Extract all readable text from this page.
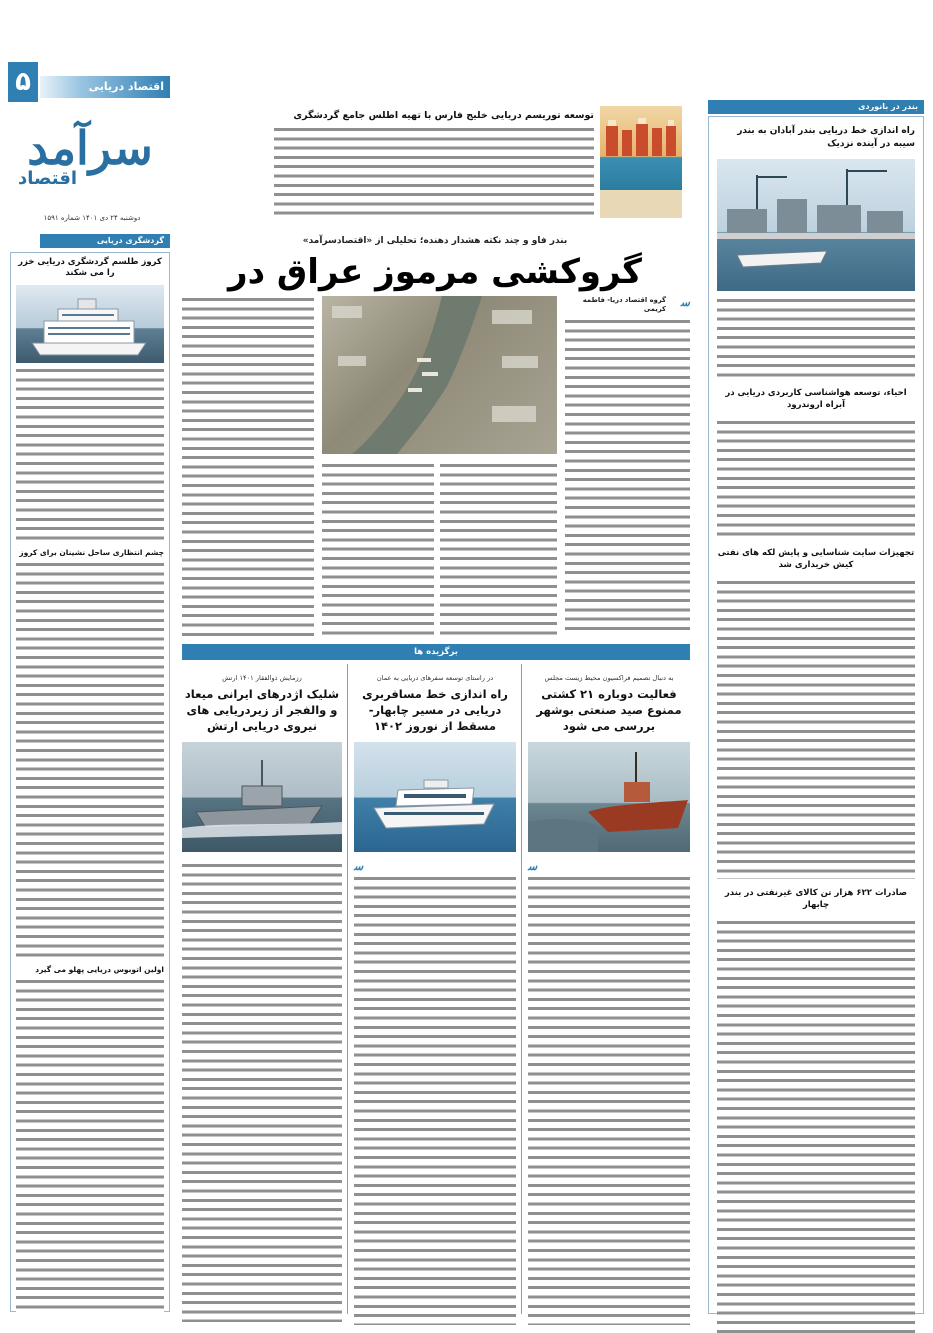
۵	اقتصاد دریایی
سرآمد
اقتصاد
دوشنبه ۲۴ دی ۱۴۰۱ شماره ۱۵۹۱
گردشگری دریایی
کروز طلسم گردشگری دریایی خزر را می شکند
چشم انتظاری ساحل نشینان برای کروز
اولین اتوبوس دریایی پهلو می گیرد
توسعه توریسم دریایی خلیج فارس با تهیه اطلس جامع گردشگری
بندر فاو و چند نکته هشدار دهنده؛ تحلیلی از «اقتصادسرآمد»
گروکشی مرموز عراق در
ﺳ
گروه اقتصاد دریا- فاطمه کریمی
برگزیده ها
به دنبال تصمیم فراکسیون محیط زیست مجلس
فعالیت دوباره ۲۱ کشتی ممنوع صید صنعتی بوشهر بررسی می شود
ﺳ
در راستای توسعه سفرهای دریایی به عمان
راه اندازی خط مسافربری دریایی در مسیر چابهار- مسقط از نوروز ۱۴۰۲
ﺳ
رزمایش ذوالفقار ۱۴۰۱ ارتش
شلیک اژدرهای ایرانی میعاد و والفجر از زیردریایی های نیروی دریایی ارتش
بندر در بانوردی
راه اندازی خط دریایی بندر آبادان به بندر سیبه در آینده نزدیک
احیاء، توسعه هواشناسی کاربردی دریایی در آبراه اروندرود
تجهیزات سایت شناسایی و پایش لکه های نفتی کیش خریداری شد
صادرات ۶۲۲ هزار تن کالای غیرنفتی در بندر چابهار
